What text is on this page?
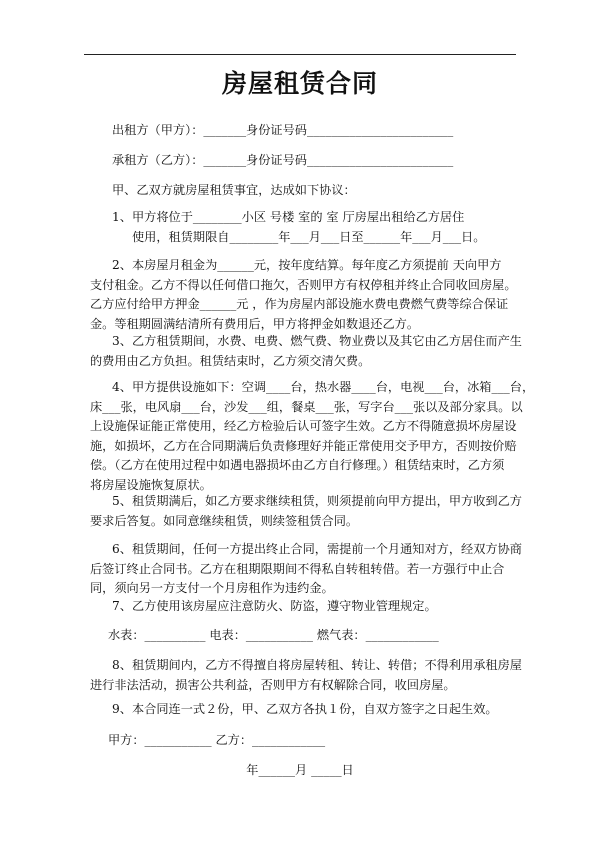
房屋租赁合同

出租方（甲方）：_______身份证号码________________________

承租方（乙方）：_______身份证号码________________________

甲、乙双方就房屋租赁事宜，达成如下协议：

1、甲方将位于________小区 号楼 室的 室 厅房屋出租给乙方居住
使用，租赁期限自________年___月___日至______年___月___日。
2、本房屋月租金为______元，按年度结算。每年度乙方须提前 天向甲方
支付租金。乙方不得以任何借口拖欠，否则甲方有权停租并终止合同收回房屋。
乙方应付给甲方押金______元 ，作为房屋内部设施水费电费燃气费等综合保证
金。等租期圆满结清所有费用后，甲方将押金如数退还乙方。
3、乙方租赁期间，水费、电费、燃气费、物业费以及其它由乙方居住而产生
的费用由乙方负担。租赁结束时，乙方须交清欠费。
4、甲方提供设施如下：空调____台，热水器____台，电视___台，冰箱___台，
床___张，电风扇___台，沙发___组，餐桌___张，写字台___张以及部分家具。以
上设施保证能正常使用，经乙方检验后认可签字生效。乙方不得随意损坏房屋设
施，如损坏，乙方在合同期满后负责修理好并能正常使用交予甲方，否则按价赔
偿。（乙方在使用过程中如遇电器损坏由乙方自行修理。）租赁结束时，乙方须
将房屋设施恢复原状。
5、租赁期满后，如乙方要求继续租赁，则须提前向甲方提出，甲方收到乙方
要求后答复。如同意继续租赁，则续签租赁合同。
6、租赁期间，任何一方提出终止合同，需提前一个月通知对方，经双方协商
后签订终止合同书。乙方在租期限期间不得私自转租转借。若一方强行中止合
同，须向另一方支付一个月房租作为违约金。

7、乙方使用该房屋应注意防火、防盗，遵守物业管理规定。

水表：__________ 电表：___________ 燃气表：____________

8、租赁期间内，乙方不得擅自将房屋转租、转让、转借；不得利用承租房屋
进行非法活动，损害公共利益，否则甲方有权解除合同，收回房屋。

9、本合同连一式２份，甲、乙双方各执１份，自双方签字之日起生效。

甲方：___________ 乙方：____________

年______月 _____日
